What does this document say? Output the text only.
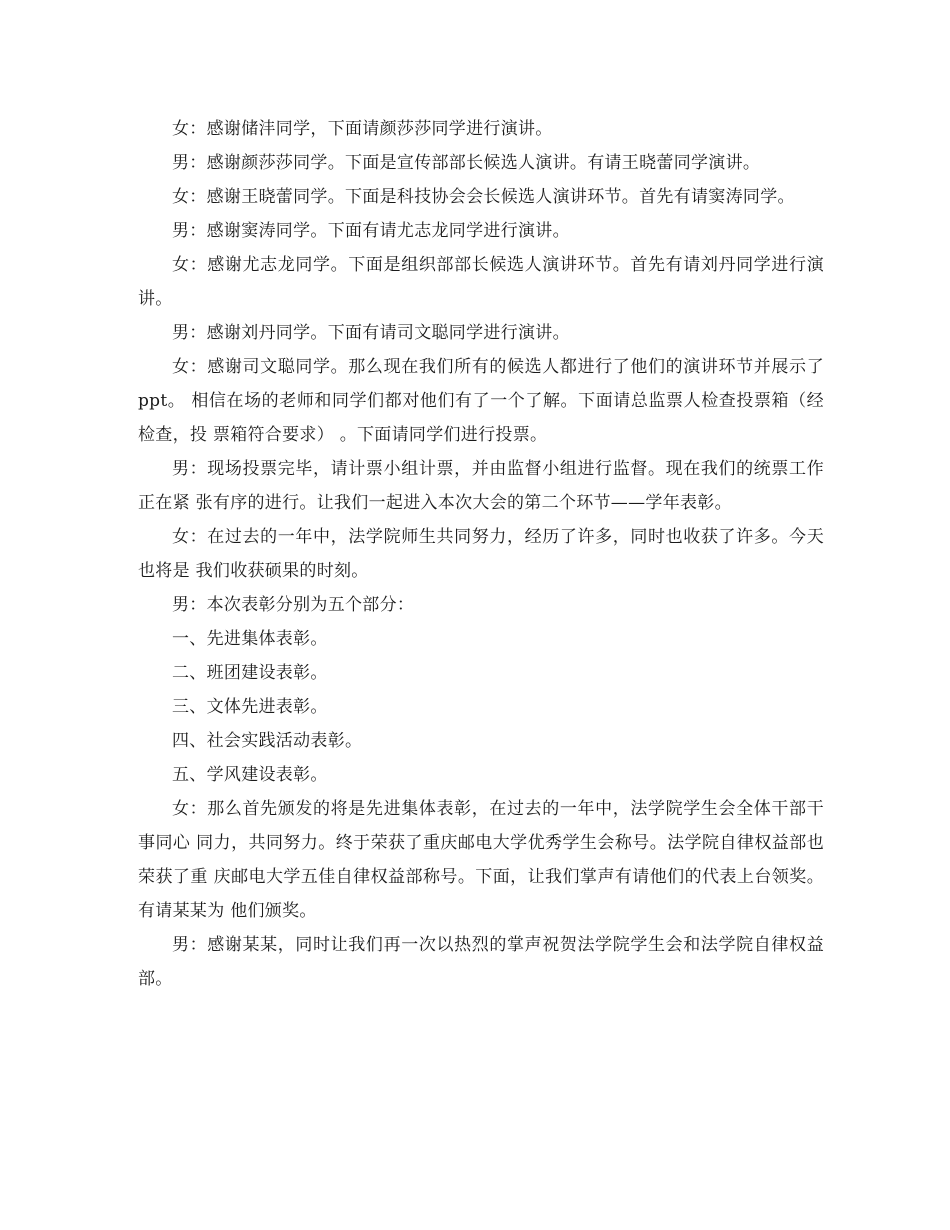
女：感谢储沣同学，下面请颜莎莎同学进行演讲。

男：感谢颜莎莎同学。下面是宣传部部长候选人演讲。有请王晓蕾同学演讲。

女：感谢王晓蕾同学。下面是科技协会会长候选人演讲环节。首先有请窦涛同学。

男：感谢窦涛同学。下面有请尤志龙同学进行演讲。

女：感谢尤志龙同学。下面是组织部部长候选人演讲环节。首先有请刘丹同学进行演讲。

男：感谢刘丹同学。下面有请司文聪同学进行演讲。

女：感谢司文聪同学。那么现在我们所有的候选人都进行了他们的演讲环节并展示了 ppt。 相信在场的老师和同学们都对他们有了一个了解。下面请总监票人检查投票箱（经检查，投 票箱符合要求） 。下面请同学们进行投票。

男：现场投票完毕，请计票小组计票，并由监督小组进行监督。现在我们的统票工作正在紧 张有序的进行。让我们一起进入本次大会的第二个环节——学年表彰。

女：在过去的一年中，法学院师生共同努力，经历了许多，同时也收获了许多。今天也将是 我们收获硕果的时刻。

男：本次表彰分别为五个部分：

一、先进集体表彰。

二、班团建设表彰。

三、文体先进表彰。

四、社会实践活动表彰。

五、学风建设表彰。

女：那么首先颁发的将是先进集体表彰，在过去的一年中，法学院学生会全体干部干事同心 同力，共同努力。终于荣获了重庆邮电大学优秀学生会称号。法学院自律权益部也荣获了重 庆邮电大学五佳自律权益部称号。下面，让我们掌声有请他们的代表上台领奖。有请某某为 他们颁奖。

男：感谢某某，同时让我们再一次以热烈的掌声祝贺法学院学生会和法学院自律权益部。
